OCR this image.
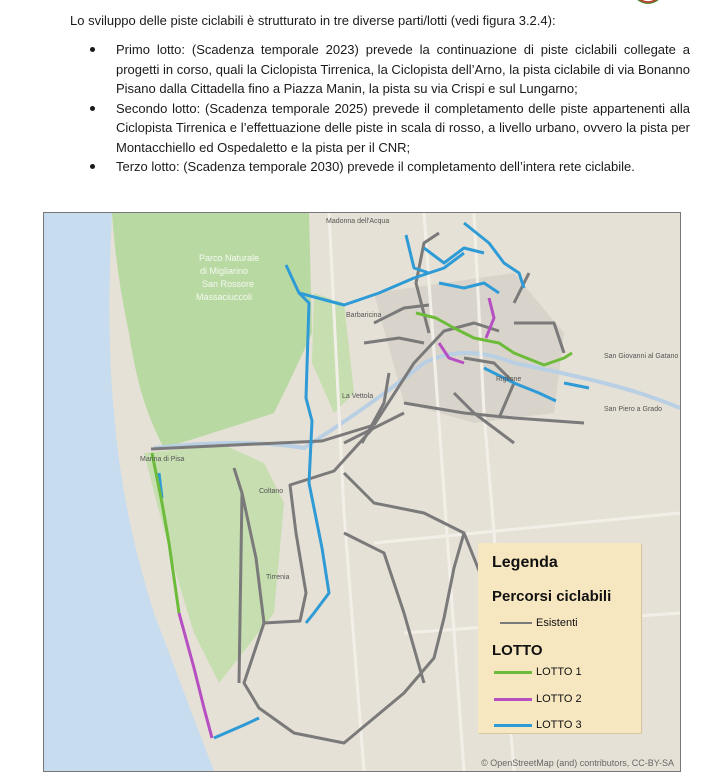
Lo sviluppo delle piste ciclabili è strutturato in tre diverse parti/lotti (vedi figura 3.2.4):

Primo lotto: (Scadenza temporale 2023) prevede la continuazione di piste ciclabili collegate a progetti in corso, quali la Ciclopista Tirrenica, la Ciclopista dell’Arno, la pista ciclabile di via Bonanno Pisano dalla Cittadella fino a Piazza Manin, la pista su via Crispi e sul Lungarno;
Secondo lotto: (Scadenza temporale 2025) prevede il completamento delle piste appartenenti alla Ciclopista Tirrenica e l’effettuazione delle piste in scala di rosso, a livello urbano, ovvero la pista per Montacchiello ed Ospedaletto e la pista per il CNR;
Terzo lotto: (Scadenza temporale 2030) prevede il completamento dell’intera rete ciclabile.
Parco Naturale
di Migliarino
San Rossore
Massaciuccoli
Madonna dell'Acqua
Barbaricina
La Vettola
Marina di Pisa
San Giovanni al Gatano
San Piero a Grado
Coltano
Riglione
Tirrenia
Legenda
Percorsi ciclabili
Esistenti
LOTTO
LOTTO 1
LOTTO 2
LOTTO 3
© OpenStreetMap (and) contributors, CC-BY-SA
